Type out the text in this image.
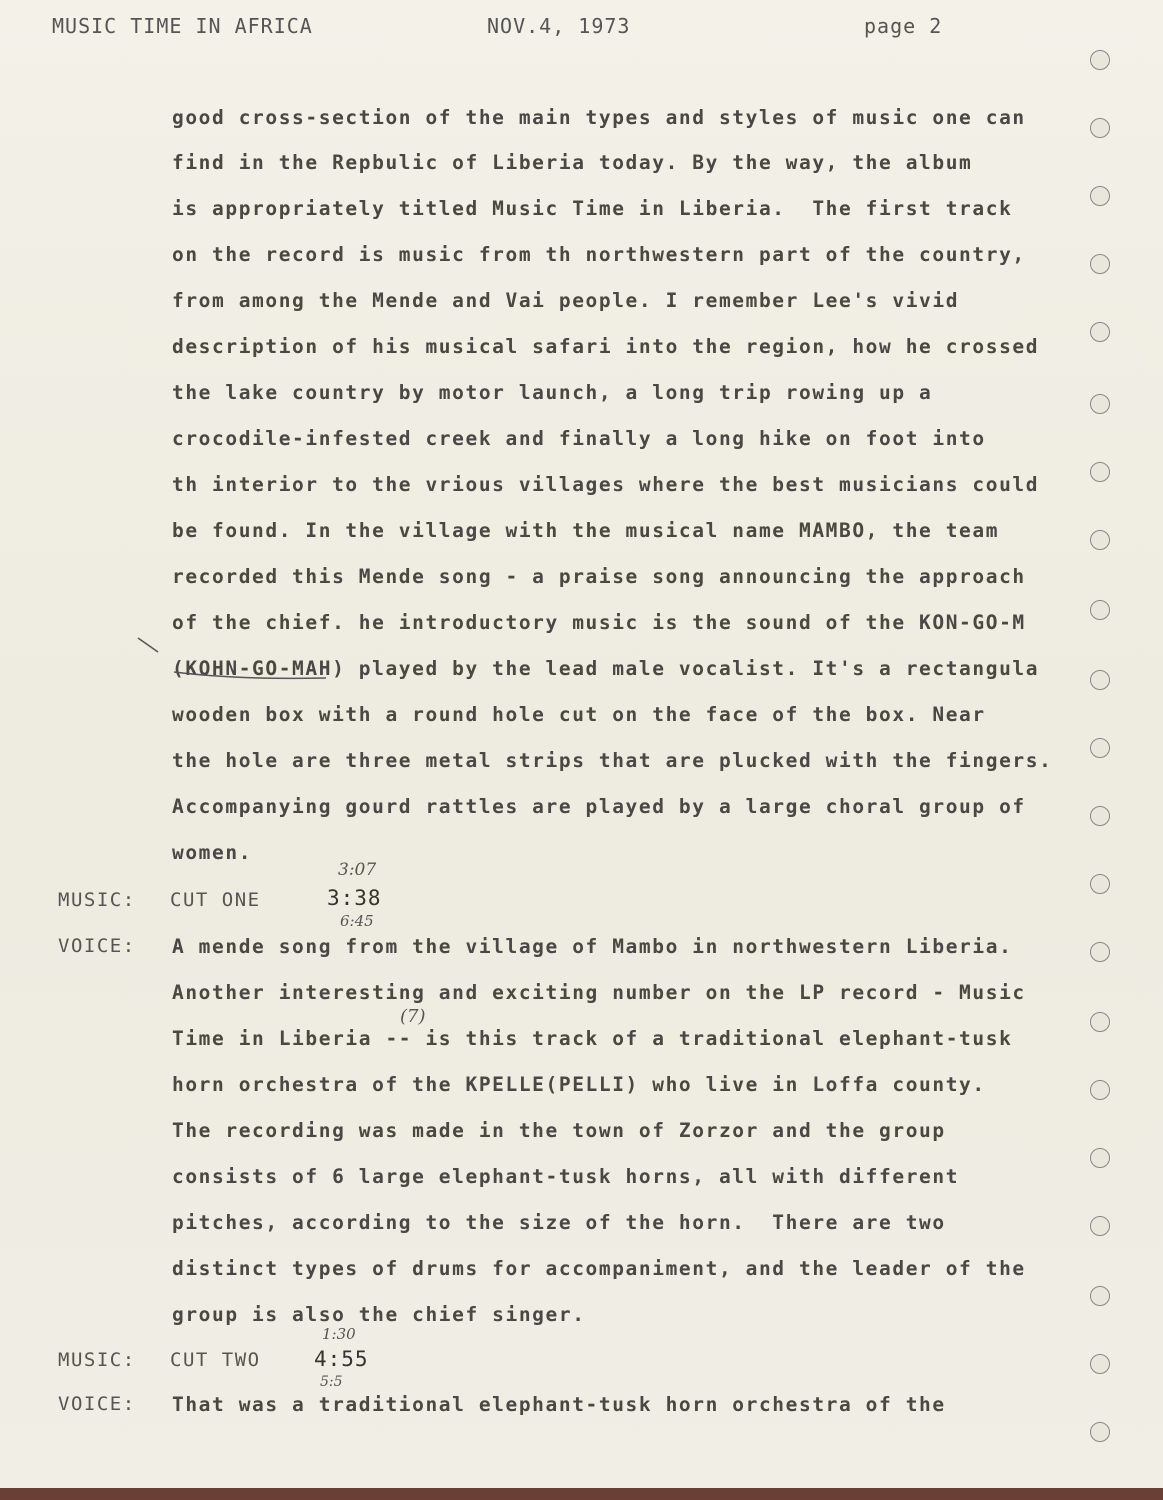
MUSIC TIME IN AFRICA	NOV.4, 1973	page 2
good cross-section of the main types and styles of music one can
find in the Repbulic of Liberia today. By the way, the album
is appropriately titled Music Time in Liberia.  The first track
on the record is music from th northwestern part of the country,
from among the Mende and Vai people. I remember Lee's vivid
description of his musical safari into the region, how he crossed
the lake country by motor launch, a long trip rowing up a
crocodile-infested creek and finally a long hike on foot into
th interior to the vrious villages where the best musicians could
be found. In the village with the musical name MAMBO, the team
recorded this Mende song - a praise song announcing the approach
of the chief. he introductory music is the sound of the KON-GO-M
(KOHN-GO-MAH) played by the lead male vocalist. It's a rectangula
wooden box with a round hole cut on the face of the box. Near
the hole are three metal strips that are plucked with the fingers.
Accompanying gourd rattles are played by a large choral group of
women.
MUSIC: CUT ONE
3:07
3:38
6:45
VOICE: A mende song from the village of Mambo in northwestern Liberia.
Another interesting and exciting number on the LP record - Music
Time in Liberia -- is this track of a traditional elephant-tusk
(7)
horn orchestra of the KPELLE(PELLI) who live in Loffa county.
The recording was made in the town of Zorzor and the group
consists of 6 large elephant-tusk horns, all with different
pitches, according to the size of the horn.  There are two
distinct types of drums for accompaniment, and the leader of the
group is also the chief singer.
MUSIC: CUT TWO
1:30
4:55
5:5
VOICE: That was a traditional elephant-tusk horn orchestra of the
